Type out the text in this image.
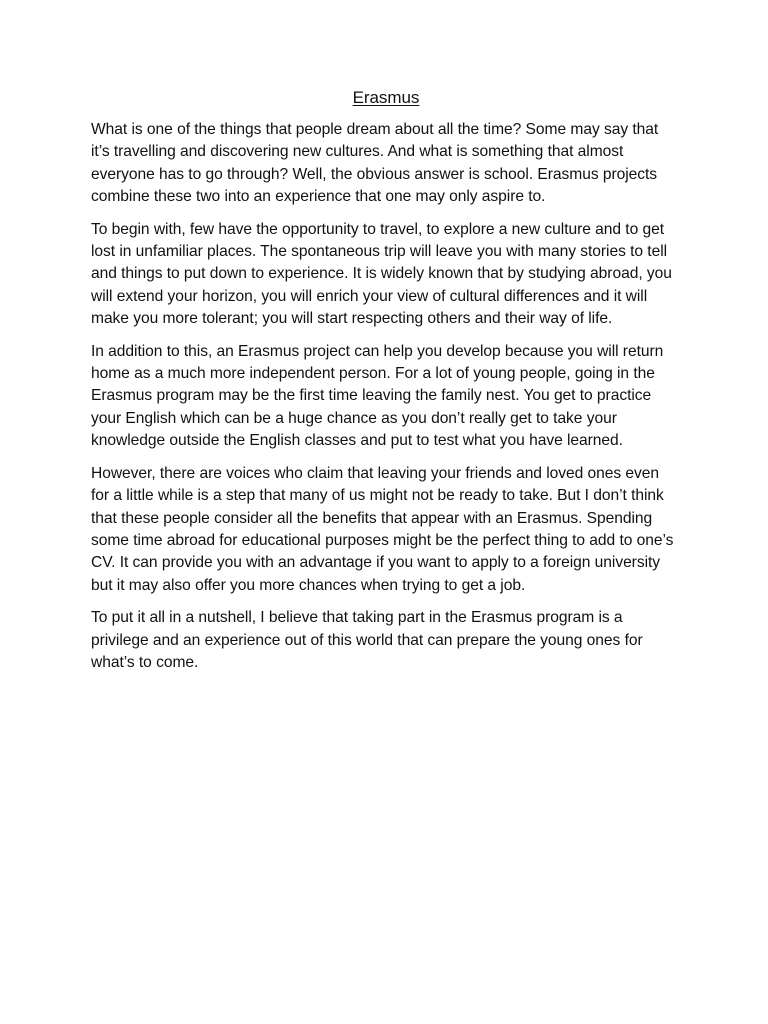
Erasmus

What is one of the things that people dream about all the time? Some may say that it’s travelling and discovering new cultures. And what is something that almost everyone has to go through? Well, the obvious answer is school. Erasmus projects combine these two into an experience that one may only aspire to.

To begin with, few have the opportunity to travel, to explore a new culture and to get lost in unfamiliar places. The spontaneous trip will leave you with many stories to tell and things to put down to experience. It is widely known that by studying abroad, you will extend your horizon, you will enrich your view of cultural differences and it will make you more tolerant; you will start respecting others and their way of life.

In addition to this, an Erasmus project can help you develop because you will return home as a much more independent person. For a lot of young people, going in the Erasmus program may be the first time leaving the family nest. You get to practice your English which can be a huge chance as you don’t really get to take your knowledge outside the English classes and put to test what you have learned.

However, there are voices who claim that leaving your friends and loved ones even for a little while is a step that many of us might not be ready to take. But I don’t think that these people consider all the benefits that appear with an Erasmus. Spending some time abroad for educational purposes might be the perfect thing to add to one’s CV. It can provide you with an advantage if you want to apply to a foreign university but it may also offer you more chances when trying to get a job.

To put it all in a nutshell, I believe that taking part in the Erasmus program is a privilege and an experience out of this world that can prepare the young ones for what’s to come.
